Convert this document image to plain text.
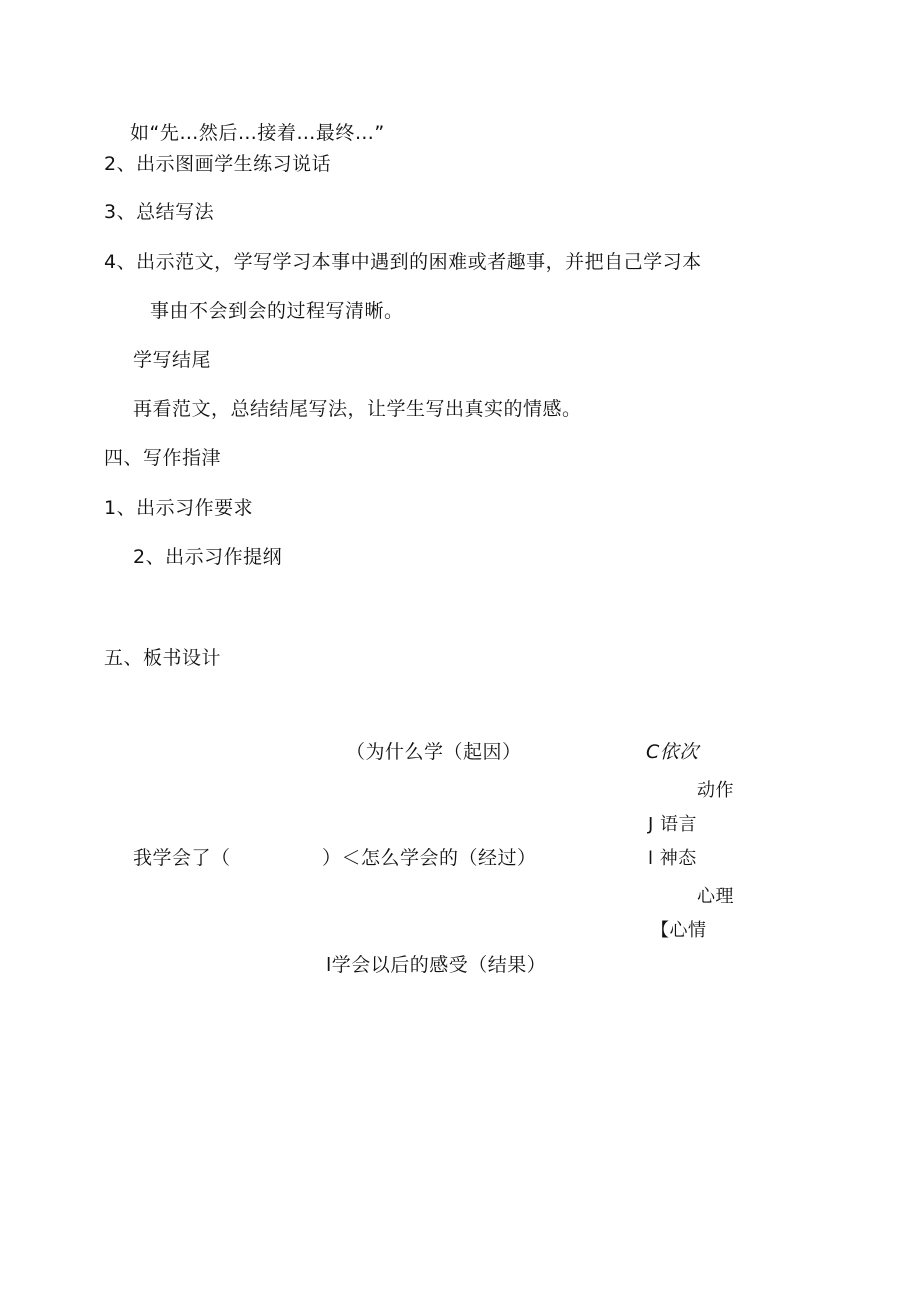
如“先…然后…接着…最终…”
2、出示图画学生练习说话
3、总结写法
4、出示范文，学写学习本事中遇到的困难或者趣事，并把自己学习本
事由不会到会的过程写清晰。
学写结尾
再看范文，总结结尾写法，让学生写出真实的情感。
四、写作指津
1、出示习作要求
2、出示习作提纲
五、板书设计
（为什么学（起因）
我学会了（	）＜怎么学会的（经过）
l学会以后的感受（结果）
C依次
动作
J 语言
l 神态
心理
【心情
